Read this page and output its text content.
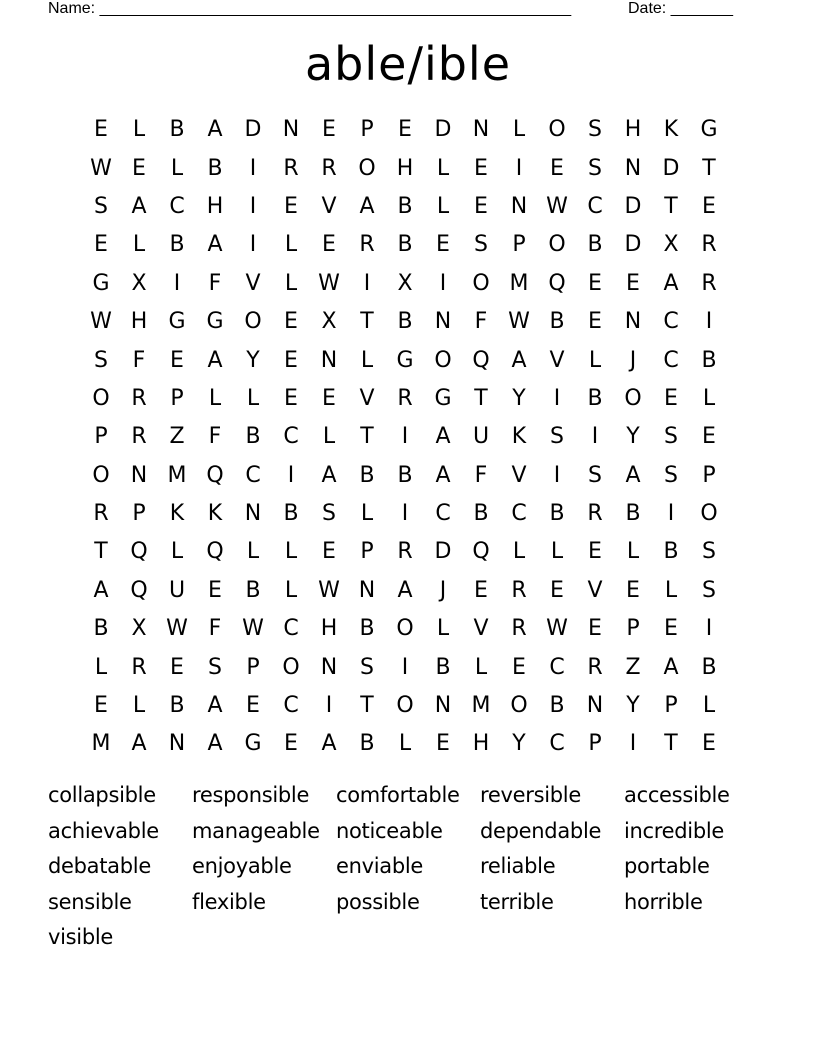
Name: _____________________________________________________	Date: _______
able/ible
E	L	B	A D N	E	P	E	D N	L	O	S	H	K	G
W E	L	B	I	R	R O H	L	E	I	E	S	N D	T
S	A	C	H	I	E	V	A	B	L	E	N W C D	T	E
E	L	B	A	I	L	E	R	B	E	S	P	O B D X	R
G X	I	F	V	L W	I	X	I	O M Q	E	E	A	R
W H G G O	E	X	T	B	N	F W B	E	N	C	I
S	F	E	A	Y	E	N	L	G O Q A	V	L	J	C	B
O R	P	L	L	E	E	V	R G	T	Y	I	B O	E	L
P	R	Z	F	B	C	L	T	I	A	U	K	S	I	Y	S	E
O N M Q C	I	A	B	B	A	F	V	I	S	A	S	P
R	P	K	K	N	B	S	L	I	C	B	C	B	R	B	I	O
T	Q	L	Q	L	L	E	P	R D Q	L	L	E	L	B	S
A Q U	E	B	L W N	A	J	E	R	E	V	E	L	S
B	X W F W C	H	B O	L	V	R W E	P	E	I
L	R	E	S	P	O N	S	I	B	L	E	C	R	Z	A	B
E	L	B	A	E	C	I	T	O N M O B	N	Y	P	L
M A	N	A G	E	A	B	L	E	H	Y	C	P	I	T	E
collapsible	responsible	comfortable reversible	accessible
achievable	manageable noticeable	dependable	incredible
debatable	enjoyable	enviable	reliable	portable
sensible	flexible	possible	terrible	horrible
visible
